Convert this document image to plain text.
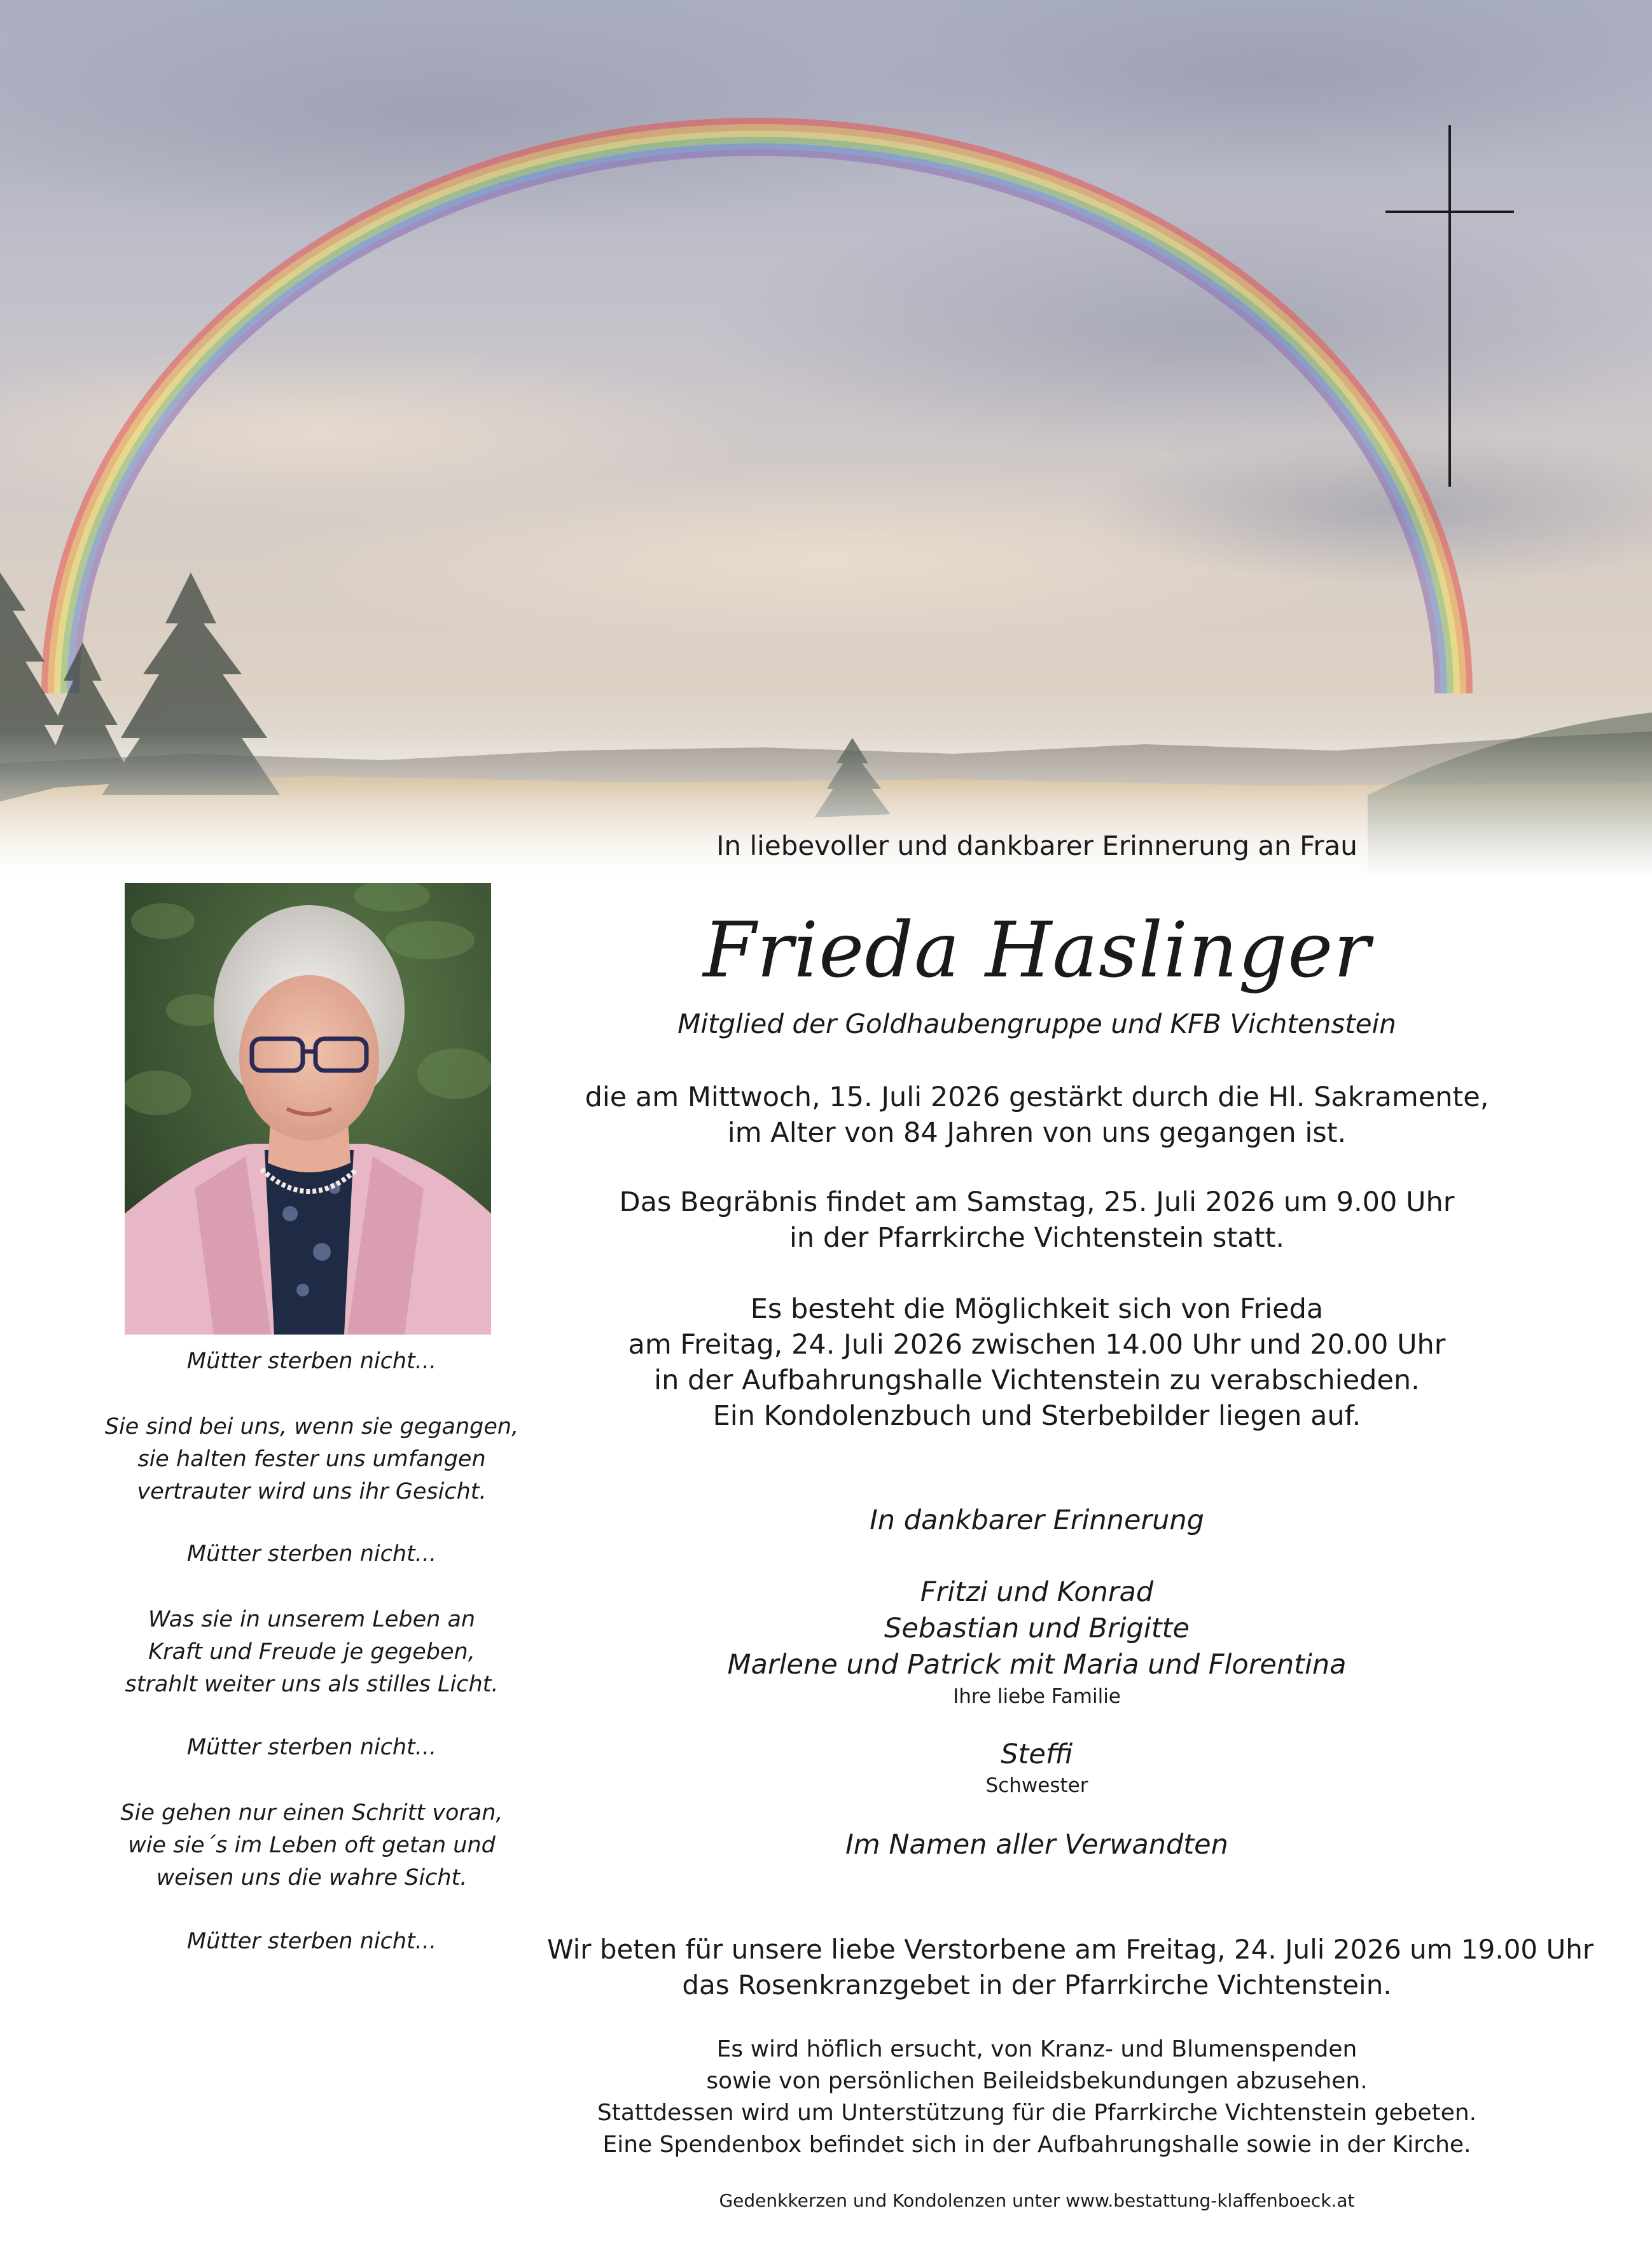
Mütter sterben nicht...
Sie sind bei uns, wenn sie gegangen,
sie halten fester uns umfangen
vertrauter wird uns ihr Gesicht.
Mütter sterben nicht...
Was sie in unserem Leben an
Kraft und Freude je gegeben,
strahlt weiter uns als stilles Licht.
Mütter sterben nicht...
Sie gehen nur einen Schritt voran,
wie sie´s im Leben oft getan und
weisen uns die wahre Sicht.
Mütter sterben nicht...
In liebevoller und dankbarer Erinnerung an Frau
Frieda Haslinger
Mitglied der Goldhaubengruppe und KFB Vichtenstein
die am Mittwoch, 15. Juli 2026 gestärkt durch die Hl. Sakramente,
im Alter von 84 Jahren von uns gegangen ist.
Das Begräbnis findet am Samstag, 25. Juli 2026 um 9.00 Uhr
in der Pfarrkirche Vichtenstein statt.
Es besteht die Möglichkeit sich von Frieda
am Freitag, 24. Juli 2026 zwischen 14.00 Uhr und 20.00 Uhr
in der Aufbahrungshalle Vichtenstein zu verabschieden.
Ein Kondolenzbuch und Sterbebilder liegen auf.
In dankbarer Erinnerung
Fritzi und Konrad
Sebastian und Brigitte
Marlene und Patrick mit Maria und Florentina
Ihre liebe Familie
Steffi
Schwester
Im Namen aller Verwandten
Wir beten für unsere liebe Verstorbene am Freitag, 24. Juli 2026 um 19.00 Uhr
das Rosenkranzgebet in der Pfarrkirche Vichtenstein.
Es wird höflich ersucht, von Kranz- und Blumenspenden
sowie von persönlichen Beileidsbekundungen abzusehen.
Stattdessen wird um Unterstützung für die Pfarrkirche Vichtenstein gebeten.
Eine Spendenbox befindet sich in der Aufbahrungshalle sowie in der Kirche.
Gedenkkerzen und Kondolenzen unter www.bestattung-klaffenboeck.at
